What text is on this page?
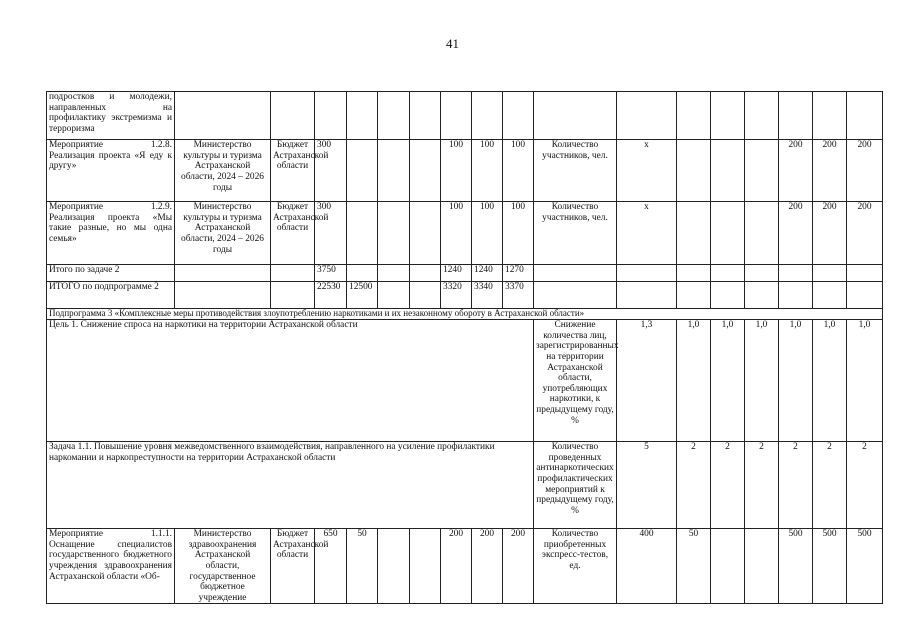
41
подростков и молодежи, направленных на профилактику экстремизма и терроризма																	
Мероприятие 1.2.8. Реализация проекта «Я еду к другу»	Министерство культуры и туризма Астраханской области, 2024 – 2026 годы	Бюджет Астраханской области	300				100	100	100	Количество участников, чел.	х				200	200	200
Мероприятие 1.2.9. Реализация проекта «Мы такие разные, но мы одна семья»	Министерство культуры и туризма Астраханской области, 2024 – 2026 годы	Бюджет Астраханской области	300				100	100	100	Количество участников, чел.	х				200	200	200
Итого по задаче 2			3750				1240	1240	1270								
ИТОГО по подпрограмме 2			22530	12500			3320	3340	3370								
Подпрограмма 3 «Комплексные меры противодействия злоупотреблению наркотиками и их незаконному обороту в Астраханской области»																	
Цель 1. Снижение спроса на наркотики на территории Астраханской области										Снижение количества лиц, зарегистрированных на территории Астраханской области, употребляющих наркотики, к предыдущему году, %	1,3	1,0	1,0	1,0	1,0	1,0	1,0
Задача 1.1. Повышение уровня межведомственного взаимодействия, направленного на усиление профилактики наркомании и наркопреступности на территории Астраханской области										Количество проведенных антинаркотических профилактических мероприятий к предыдущему году, %	5	2	2	2	2	2	2
Мероприятие 1.1.1. Оснащение специалистов государственного бюджетного учреждения здравоохранения Астраханской области «Об-	Министерство здравоохранения Астраханской области, государственное бюджетное учреждение	Бюджет Астраханской области	650	50			200	200	200	Количество приобретенных экспресс-тестов, ед.	400	50			500	500	500
